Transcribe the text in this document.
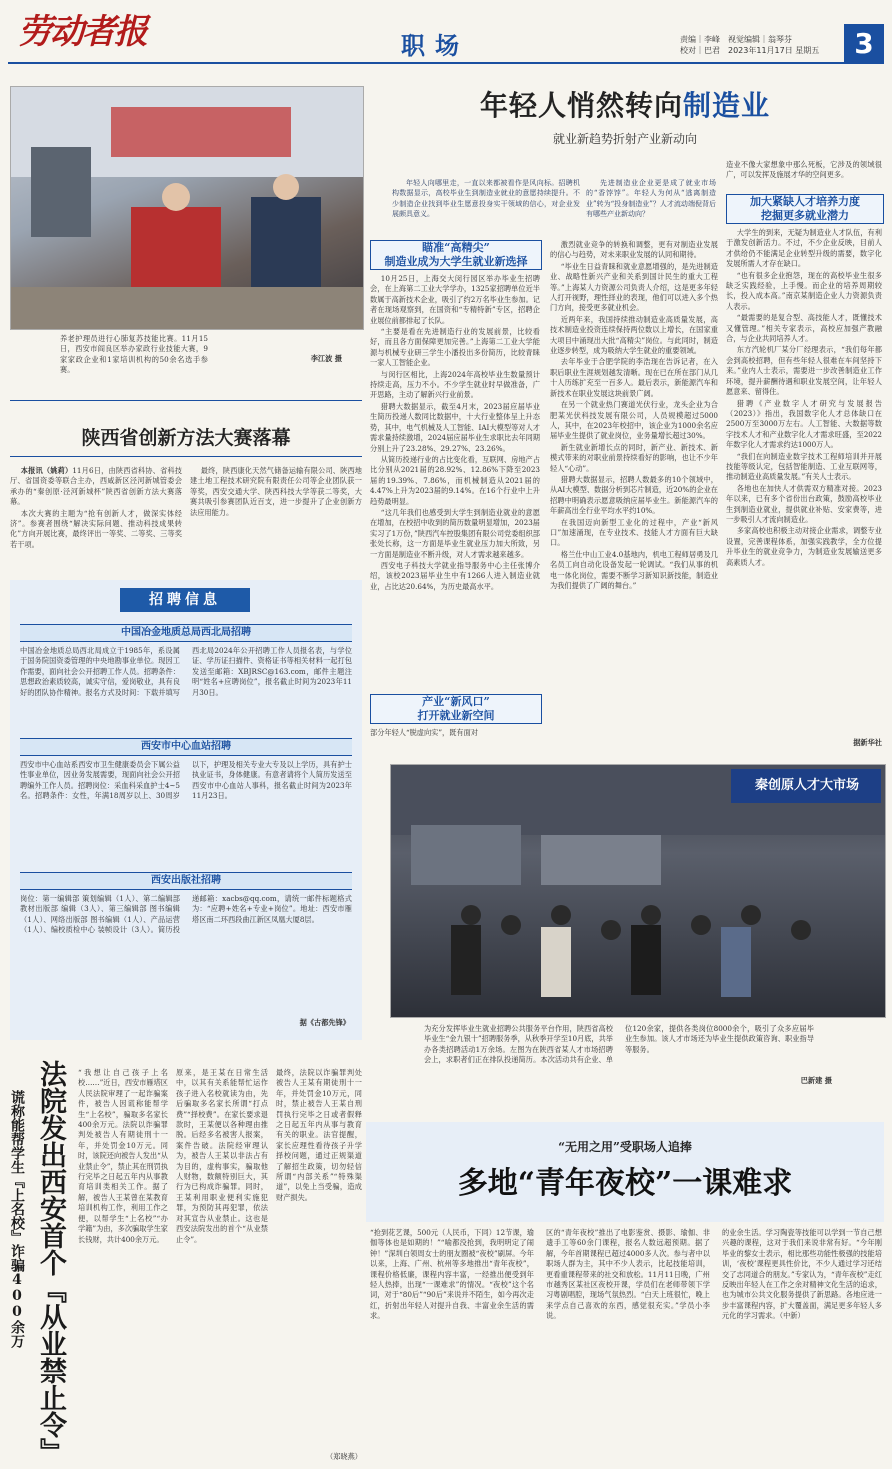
劳动者报	职场	责编｜李峰　 视觉编辑｜翁琴芬
校对｜巴君　 2023年11月17日 星期五	3
养老护理员进行心肺复苏技能比赛。11月15日，西安市阎良区举办家政行业技能大赛，9家家政企业和1家培训机构的50余名选手参赛。
李江波 摄
陕西省创新方法大赛落幕

本报讯（姚莉）11月6日，由陕西省科协、省科技厅、省国资委等联合主办，西咸新区泾河新城管委会承办的“秦创原·泾河新城杯”陕西省创新方法大赛落幕。

本次大赛的主题为“抢有创新人才，做深实体经济”。参赛者围绕“解决实际问题、推动科技成果转化”方向开展比赛，最终评出一等奖、二等奖、三等奖若干项。

最终，陕西康化天然气储备运输有限公司、陕西地建土地工程技术研究院有限责任公司等企业团队获一等奖，西安交通大学、陕西科技大学等获二等奖，大赛共吸引参赛团队近百支，进一步提升了企业创新方法应用能力。

招聘信息
中国冶金地质总局西北局招聘
中国冶金地质总局西北局成立于1985年，系设属于国务院国资委管理的中央地勘事业单位。现因工作需要，面向社会公开招聘工作人员。招聘条件：思想政治素质较高，诚实守信，爱岗敬业，具有良好的团队协作精神。报名方式及时间：下载并填写西北局2024年公开招聘工作人员报名表，与学位证、学历证扫描件、资格证书等相关材料一起打包发送至邮箱：XBJRSC@163.com，邮件主题注明“姓名+应聘岗位”，报名截止时间为2023年11月30日。
西安市中心血站招聘
西安市中心血站系西安市卫生健康委员会下属公益性事业单位，因业务发展需要，现面向社会公开招聘编外工作人员。招聘岗位：采血科采血护士4~5名。招聘条件：女性，年满18周岁以上、30周岁以下，护理及相关专业大专及以上学历，具有护士执业证书，身体健康。有意者请将个人简历发送至西安市中心血站人事科，报名截止时间为2023年11月23日。
西安出版社招聘
岗位：第一编辑部 策划编辑（1人）、第二编辑部 教材出版部 编辑（3人）、第三编辑部 图书编辑（1人）、网络出版部 图书编辑（1人）、产品运营（1人）、编校质检中心 装帧设计（3人）。简历投递邮箱：xacbs@qq.com，请统一邮件标题格式为：“应聘+姓名+专业+岗位”。地址：西安市雁塔区南二环西段曲江新区凤凰大厦8层。
据《古都先锋》
法院发出西安首个『从业禁止令』
谎称能帮学生『上名校』诈骗400余万
“我想让自己孩子上名校……”近日，西安市雁塔区人民法院审理了一起诈骗案件，被告人因谎称能帮学生“上名校”，骗取多名家长400余万元。法院以诈骗罪判处被告人有期徒刑十一年，并处罚金10万元。同时，该院还向被告人发出“从业禁止令”，禁止其在刑罚执行完毕之日起五年内从事教育培训类相关工作。据了解，被告人王某曾在某教育培训机构工作，利用工作之便，以帮学生“上名校”“办学籍”为由，多次骗取学生家长钱财，共计400余万元。
原来，是王某在日常生活中，以其有关系能帮忙运作孩子进入名校就读为由，先后骗取多名家长所谓“打点费”“择校费”。在家长要求退款时，王某便以各种理由推脱。后经多名被害人报案，案件告破。法院经审理认为，被告人王某以非法占有为目的，虚构事实，骗取他人财物，数额特别巨大，其行为已构成诈骗罪。同时，王某利用职业便利实施犯罪，为预防其再犯罪，依法对其宣告从业禁止。这也是西安法院发出的首个“从业禁止令”。
最终，法院以诈骗罪判处被告人王某有期徒刑十一年，并处罚金10万元，同时，禁止被告人王某自刑罚执行完毕之日或者假释之日起五年内从事与教育有关的职业。法官提醒，家长应理性看待孩子升学择校问题，通过正规渠道了解招生政策，切勿轻信所谓“内部关系”“特殊渠道”，以免上当受骗，造成财产损失。
（郑晓燕）
年轻人悄然转向制造业
就业新趋势折射产业新动向
年轻人向哪里走，一直以来都被看作是风向标。招聘机构数据显示，高校毕业生到制造业就业的意愿持续提升。不少制造企业找到毕业生愿意投身实干领域的信心，对企业发展颇具意义。
先进制造业企业更是成了就业市场的“香饽饽”。年轻人为何从“逃离制造业”转为“投身制造业”？人才流动端倪背后有哪些产业新动向？
瞄准“高精尖”
制造业成为大学生就业新选择

10月25日，上海交大闵行园区举办毕业生招聘会，在上海第二工业大学学办，1325家招聘单位近半数属于高新技术企业，吸引了约2万名毕业生参加。记者在现场观察到，在国资和“专精特新”专区，招聘企业展位前都排起了长队。

“主要是看在先进制造行业的发展前景，比较看好，而且各方面保障更加完善。”上海第二工业大学能源与机械专业研三学生小潘投出多份简历，比较青睐一家人工智能企业。

与闵行区相比，上海2024年高校毕业生数量预计持续走高，压力不小。不少学生就业时早做准备，广开思路，主动了解新兴行业前景。

猎聘大数据显示，截至4月末，2023届应届毕业生简历投递人数同比数据中，十大行业整体呈上升态势，其中，电气机械及人工智能、IAI大模型等对人才需求量持续激增，2024届应届毕业生求职比去年同期分别上升了23.28%、29.27%、23.26%。

从简历投递行业的占比变化看，互联网、房地产占比分别从2021届的28.92%、12.86%下降至2023届的19.39%、7.86%，而机械制造从2021届的4.47%上升为2023届的9.14%。在16个行业中上升趋势最明显。

“这几年我们也感受到大学生到制造业就业的意愿在增加，在校招中收到的简历数量明显增加，2023届实习了1万份，”陕西汽车控股集团有限公司党委组织部张处长称，这一方面是毕业生就业压力加大所致，另一方面是制造业不断升级，对人才需求越来越多。

西安电子科技大学就业指导服务中心主任张博介绍，该校2023届毕业生中有1266人进入制造业就业，占比达20.64%，为历史最高水平。

产业“新风口”
打开就业新空间
部分年轻人“脱虚向实”，既有面对

激烈就业竞争的转换和调整，更有对制造业发展的信心与趋势，对未来职业发展的认同和期待。

“毕业生日益青睐和就业意愿增强的，是先进制造业、战略性新兴产业和关系到国计民生的重大工程等。”上海某人力资源公司负责人介绍，这是更多年轻人打开视野，理性择业的表现，他们可以进入多个热门方向，接受更多就业机会。

近两年来，我国持续推动制造业高质量发展，高技术制造业投资连续保持两位数以上增长，在国家重大项目中涌现出大批“高精尖”岗位。与此同时，制造业逐步转型，成为吸纳大学生就业的重要领域。

去年毕业于合肥学院的李浩现在告诉记者，在入职后职业生涯规划越发清晰。现在已在所在部门从几十人历练扩充至一百多人。最后表示，新能源汽车和新技术在职业发展这块前景广阔。

在另一个就业热门赛道光伏行业，龙头企业为合肥某光伏科技发展有限公司，人员规模超过5000人，其中，在2023年校招中，该企业为1000余名应届毕业生提供了就业岗位，业务量增长超过30%。

新生就业新增长点的同时，新产业、新技术、新模式带来的对职业前景持续看好的影响，也让不少年轻人“心动”。

猎聘大数据显示，招聘人数最多的10个领域中，从AI大模型、数据分析到芯片制造，近20%的企业在招聘中明确表示愿意吸纳应届毕业生。新能源汽车的年薪高出全行业平均水平约10%。

在我国迈向新型工业化的过程中，产业“新风口”加速涌现，在专业技术、技能人才方面有巨大缺口。

格兰仕中山工业4.0基地内，机电工程师居勇及几名员工向自动化设备发起一轮调试。“我们从事的机电一体化岗位，需要不断学习新知识新技能，制造业为我们提供了广阔的舞台。”

造业不像大家想象中那么死板，它涉及的领域很广，可以发挥及施展才华的空间更多。
加大紧缺人才培养力度
挖掘更多就业潜力

大学生的到来，无疑为制造业人才队伍，有利于激发创新活力。不过，不少企业反映，目前人才供给仍不能满足企业转型升级的需要，数字化发展所需人才存在缺口。

“也有很多企业抱怨，现在的高校毕业生很多缺乏实践经验，上手慢。而企业的培养周期较长，投入成本高。”南京某制造企业人力资源负责人表示。

“最需要的是复合型、高技能人才，既懂技术又懂管理。”相关专家表示，高校应加强产教融合，与企业共同培养人才。

东方汽轮机厂某分厂经理表示，“我们每年都会到高校招聘，但有些年轻人很难在车间坚持下来。”业内人士表示，需要进一步改善制造业工作环境，提升薪酬待遇和职业发展空间，让年轻人愿意来、留得住。

猎聘《产业数字人才研究与发展报告（2023）》指出，我国数字化人才总体缺口在2500万至3000万左右。人工智能、大数据等数字技术人才和产业数字化人才需求旺盛，至2022年数字化人才需求约达1000万人。

“我们在向制造业数字技术工程师培训并开展技能等级认定，包括智能制造、工业互联网等，推动制造业高质量发展。”有关人士表示。

各地也在加快人才供需双方精准对接。2023年以来，已有多个省份出台政策，鼓励高校毕业生到制造业就业，提供就业补贴、安家费等，进一步吸引人才流向制造业。

多家高校也积极主动对接企业需求，调整专业设置，完善课程体系，加强实践教学，全方位提升毕业生的就业竞争力，为制造业发展输送更多高素质人才。

据新华社
秦创原人才大市场
为充分发挥毕业生就业招聘公共服务平台作用，陕西省高校毕业生“金九银十”招聘服务季，从秋季开学至10月底，共举办各类招聘活动1万余场。左图为在陕西省某人才市场招聘会上，求职者们正在排队投递简历。本次活动共有企业、单位120余家，提供各类岗位8000余个，吸引了众多应届毕业生参加。该人才市场还为毕业生提供政策咨询、职业指导等服务。
巴新建 摄
“无用之用”受职场人追捧
多地“青年夜校”一课难求
“抢到花艺课，500元（人民币，下同）12节课，瑜伽等体也是如期的！”“喻都没抢到，我明明定了闹钟！”深圳白领周女士的朋友圈被“夜校”刷屏。今年以来，上海、广州、杭州等多地推出“青年夜校”，课程价格低廉，课程内容丰富，一经推出便受到年轻人热捧，出现“一课难求”的情况。“夜校”这个名词，对于“80后”“90后”来说并不陌生，如今再次走红，折射出年轻人对提升自我、丰富业余生活的需求。
区的“青年夜校”推出了电影鉴赏、摄影、瑜伽、非遗手工等60余门课程，报名人数远超预期。据了解，今年首期课程已超过4000多人次。参与者中以职场人群为主，其中不少人表示，比起技能培训，更看重课程带来的社交和放松。11月11日晚，广州市越秀区某社区夜校开课，学员们在老师带领下学习粤剧唱腔，现场气氛热烈。“白天上班很忙，晚上来学点自己喜欢的东西，感觉很充实。”学员小李说。
的业余生活。学习陶瓷等技能可以学到一节自己想兴趣的课程，这对于我们来说非常有好。“今年刚毕业的黎女士表示，相比那些功能性极强的技能培训，‘夜校’课程更具性价比，不少人通过学习还结交了志同道合的朋友。”专家认为，“青年夜校”走红反映出年轻人在工作之余对精神文化生活的追求，也为城市公共文化服务提供了新思路。各地应进一步丰富课程内容，扩大覆盖面，满足更多年轻人多元化的学习需求。（中新）
